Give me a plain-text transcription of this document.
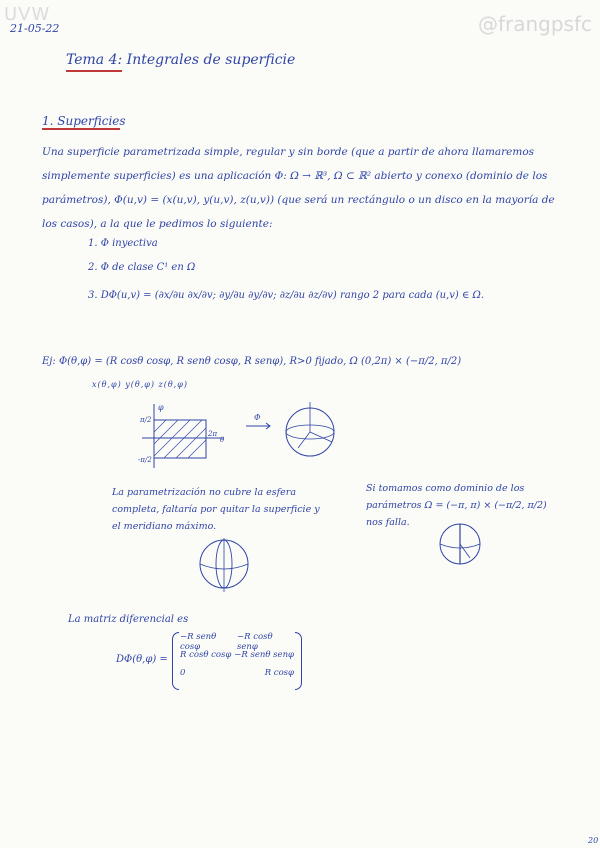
UVW	@frangpsfc
21-05-22
Tema 4: Integrales de superficie
1. Superficies
Una superficie parametrizada simple, regular y sin borde (que a partir de ahora llamaremos simplemente superficies) es una aplicación Φ: Ω → ℝ³, Ω ⊂ ℝ² abierto y conexo (dominio de los parámetros), Φ(u,v) = (x(u,v), y(u,v), z(u,v)) (que será un rectángulo o un disco en la mayoría de los casos), a la que le pedimos lo siguiente:
1. Φ inyectiva
2. Φ de clase C¹ en Ω
3. DΦ(u,v) = (∂x/∂u ∂x/∂v; ∂y/∂u ∂y/∂v; ∂z/∂u ∂z/∂v) rango 2 para cada (u,v) ∈ Ω.
Ej: Φ(θ,φ) = (R cosθ cosφ, R senθ cosφ, R senφ), R>0 fijado, Ω (0,2π) × (−π/2, π/2)
x(θ,φ) y(θ,φ) z(θ,φ)
φ
π/2
-π/2
2π
θ
Φ
La parametrización no cubre la esfera completa, faltaría por quitar la superficie y el meridiano máximo.
Si tomamos como dominio de los parámetros Ω = (−π, π) × (−π/2, π/2) nos falla.
La matriz diferencial es
DΦ(θ,φ) =
−R senθ cosφ
−R cosθ senφ
R cosθ cosφ −R senθ senφ
0	R cosφ
20
